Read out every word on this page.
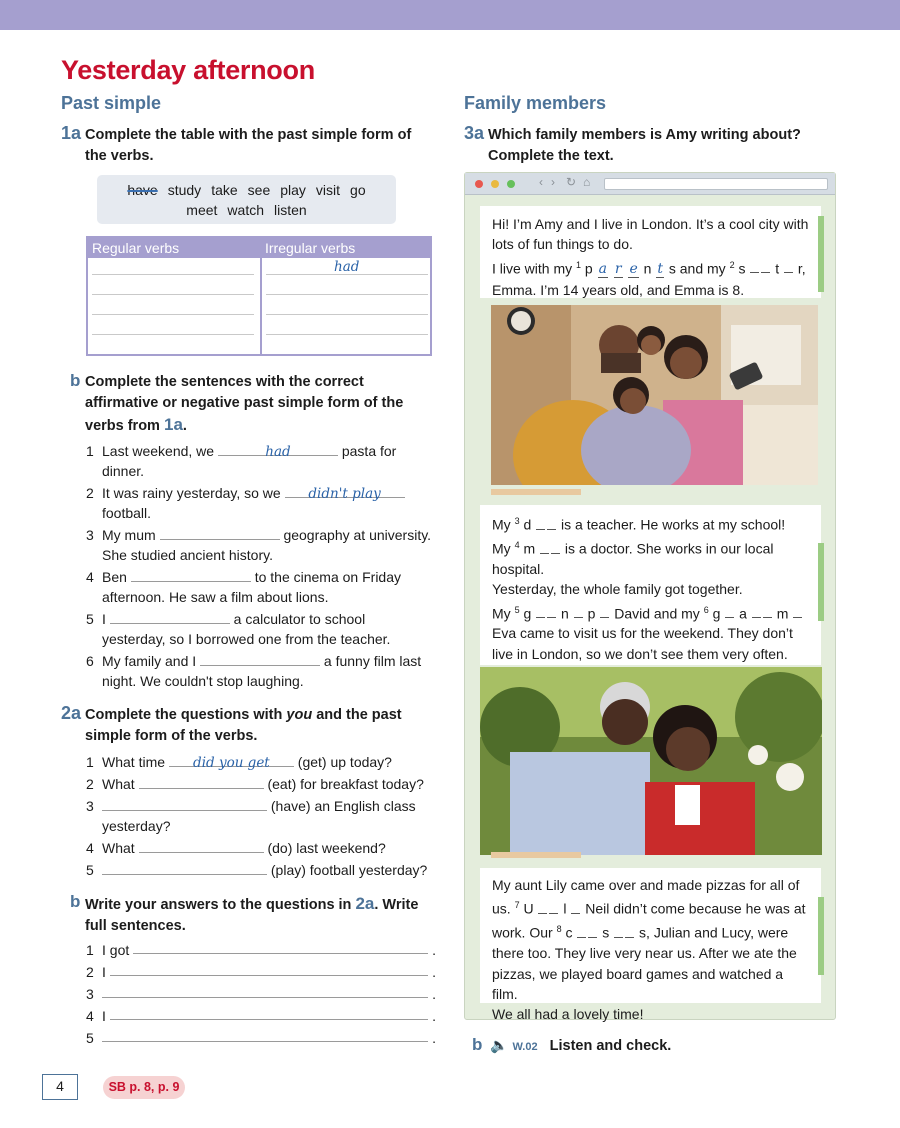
Yesterday afternoon
Past simple
1a Complete the table with the past simple form of the verbs.
have study take see play visit go
meet watch listen
Regular verbs	Irregular verbs
had
b Complete the sentences with the correct affirmative or negative past simple form of the verbs from 1a.
1 Last weekend, we	had	pasta for
dinner.
2 It was rainy yesterday, so we didn't play
football.
3 My mum	geography at university.
She studied ancient history.
4 Ben	to the cinema on Friday
afternoon. He saw a film about lions.
5 I	a calculator to school
yesterday, so I borrowed one from the teacher.
6 My family and I	a funny film last
night. We couldn't stop laughing.
2a Complete the questions with you and the past simple form of the verbs.
1 What time did you get (get) up today?
2 What	(eat) for breakfast today?
3	(have) an English class
yesterday?
4 What	(do) last weekend?
5	(play) football yesterday?
b Write your answers to the questions in 2a. Write full sentences.
1 I got	.
2 I	.
3	.
4 I	.
5	.
Family members
3a Which family members is Amy writing about? Complete the text.
‹ › ↻ ⌂
Hi! I’m Amy and I live in London. It’s a cool city with
lots of fun things to do.
I live with my $^1$ p a r e n t s and my $^2$ s  t  r,
Emma. I’m 14 years old, and Emma is 8.
My $^3$ d  is a teacher. He works at my school!
My $^4$ m  is a doctor. She works in our local
hospital.
Yesterday, the whole family got together.
My $^5$ g  n  p  David and my $^6$ g  a  m
Eva came to visit us for the weekend. They don’t
live in London, so we don’t see them very often.
My aunt Lily came over and made pizzas for all of
us. $^7$ U  l  Neil didn’t come because he was at
work. Our $^8$ c  s  s, Julian and Lucy, were
there too. They live very near us. After we ate the
pizzas, we played board games and watched a film.
We all had a lovely time!
b 🔈 W.02 Listen and check.
4	SB p. 8, p. 9
